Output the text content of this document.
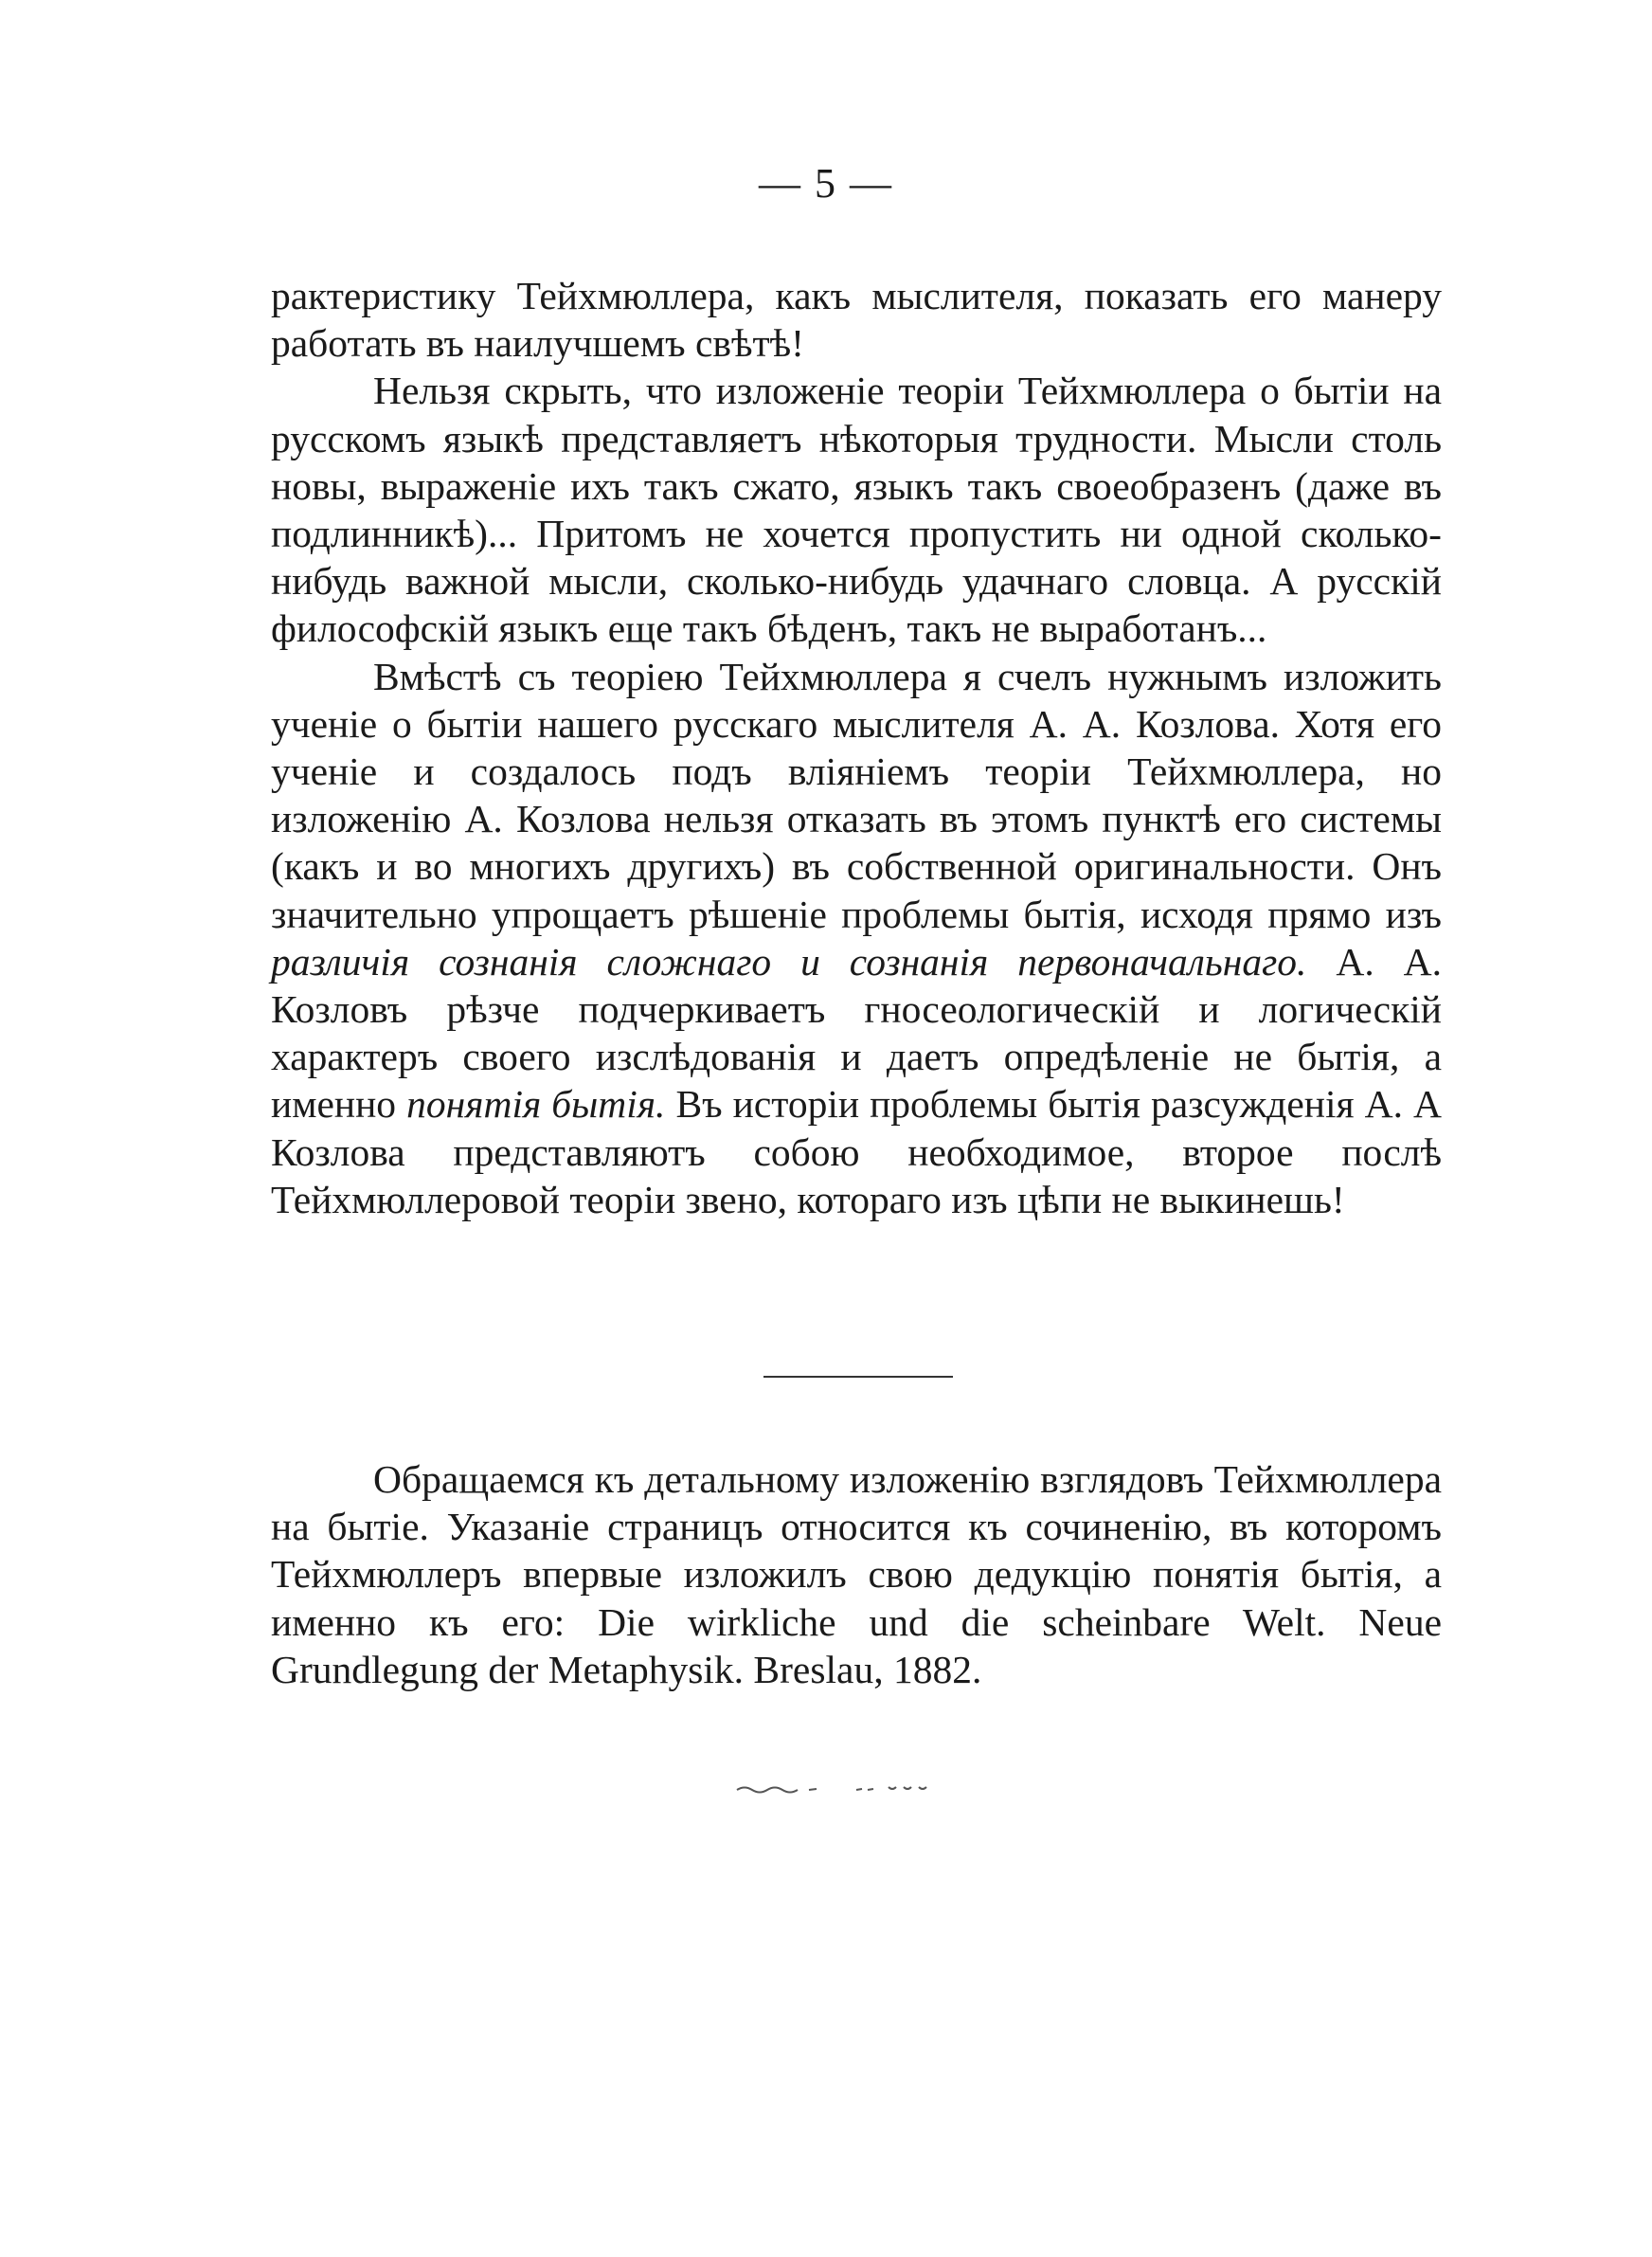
— 5 —

рактеристику Тейхмюллера, какъ мыслителя, показать его манеру работать въ наилучшемъ свѣтѣ!

Нельзя скрыть, что изложеніе теоріи Тейхмюллера о бытіи на русскомъ языкѣ представляетъ нѣкоторыя трудности. Мысли столь новы, выраженіе ихъ такъ сжато, языкъ такъ своеобразенъ (даже въ подлинникѣ)... Притомъ не хочется пропустить ни одной сколько-нибудь важной мысли, сколько-нибудь удачнаго словца. А русскій философскій языкъ еще такъ бѣденъ, такъ не выработанъ...

Вмѣстѣ съ теоріею Тейхмюллера я счелъ нужнымъ изложить ученіе о бытіи нашего русскаго мыслителя А. А. Козлова. Хотя его ученіе и создалось подъ вліяніемъ теоріи Тейхмюллера, но изложенію А. Козлова нельзя отказать въ этомъ пунктѣ его системы (какъ и во многихъ другихъ) въ собственной оригинальности. Онъ значительно упрощаетъ рѣшеніе проблемы бытія, исходя прямо изъ различія сознанія сложнаго и сознанія первоначальнаго. А. А. Козловъ рѣзче подчеркиваетъ гносеологическій и логическій характеръ своего изслѣдованія и даетъ опредѣленіе не бытія, а именно понятія бытія. Въ исторіи проблемы бытія разсужденія А. А Козлова представляютъ собою необходимое, второе послѣ Тейхмюллеровой теоріи звено, котораго изъ цѣпи не выкинешь!

Обращаемся къ детальному изложенію взглядовъ Тейхмюллера на бытіе. Указаніе страницъ относится къ сочиненію, въ которомъ Тейхмюллеръ впервые изложилъ свою дедукцію понятія бытія, а именно къ его: Die wirkliche und die scheinbare Welt. Neue Grundlegung der Metaphysik. Breslau, 1882.
